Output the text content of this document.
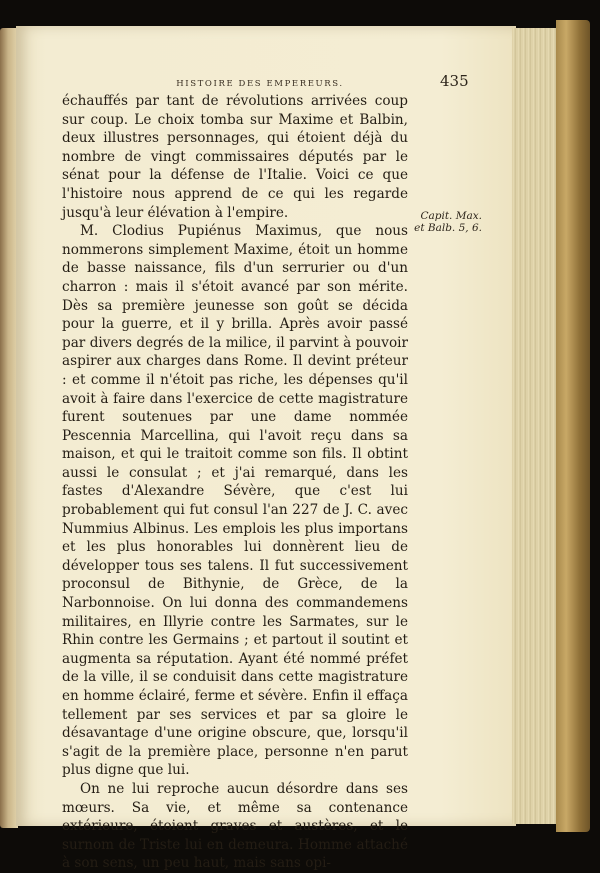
HISTOIRE DES EMPEREURS.	435

échauffés par tant de révolutions arrivées coup sur coup. Le choix tomba sur Maxime et Balbin, deux illustres personnages, qui étoient déjà du nombre de vingt commissaires députés par le sénat pour la défense de l'Italie. Voici ce que l'histoire nous apprend de ce qui les regarde jusqu'à leur élévation à l'empire.

M. Clodius Pupiénus Maximus, que nous nommerons simplement Maxime, étoit un homme de basse naissance, fils d'un serrurier ou d'un charron : mais il s'étoit avancé par son mérite. Dès sa première jeunesse son goût se décida pour la guerre, et il y brilla. Après avoir passé par divers degrés de la milice, il parvint à pouvoir aspirer aux charges dans Rome. Il devint préteur : et comme il n'étoit pas riche, les dépenses qu'il avoit à faire dans l'exercice de cette magistrature furent soutenues par une dame nommée Pescennia Marcellina, qui l'avoit reçu dans sa maison, et qui le traitoit comme son fils. Il obtint aussi le consulat ; et j'ai remarqué, dans les fastes d'Alexandre Sévère, que c'est lui probablement qui fut consul l'an 227 de J. C. avec Nummius Albinus. Les emplois les plus importans et les plus honorables lui donnèrent lieu de développer tous ses talens. Il fut successivement proconsul de Bithynie, de Grèce, de la Narbonnoise. On lui donna des commandemens militaires, en Illyrie contre les Sarmates, sur le Rhin contre les Germains ; et partout il soutint et augmenta sa réputation. Ayant été nommé préfet de la ville, il se conduisit dans cette magistrature en homme éclairé, ferme et sévère. Enfin il effaça tellement par ses services et par sa gloire le désavantage d'une origine obscure, que, lorsqu'il s'agit de la première place, personne n'en parut plus digne que lui.

On ne lui reproche aucun désordre dans ses mœurs. Sa vie, et même sa contenance extérieure, étoient graves et austères, et le surnom de Triste lui en demeura. Homme attaché à son sens, un peu haut, mais sans opi-

Capit. Max.
et Balb. 5, 6.
